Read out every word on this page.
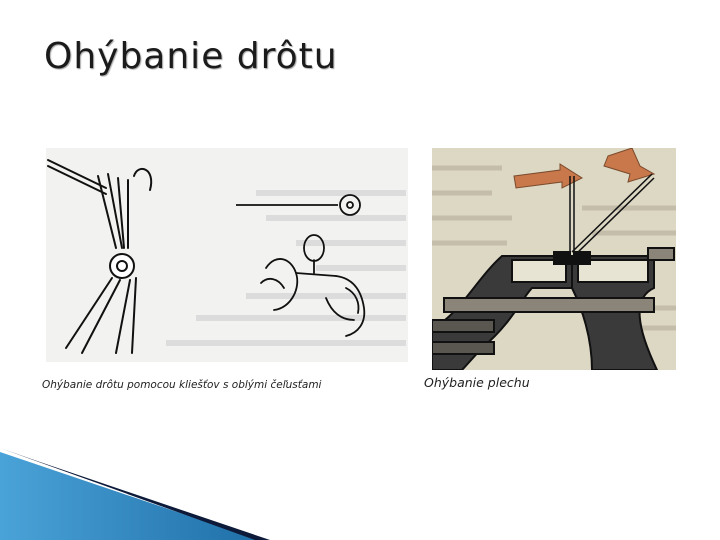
Ohýbanie drôtu
Ohýbanie drôtu pomocou kliešťov s oblými čeľusťami	Ohýbanie plechu
